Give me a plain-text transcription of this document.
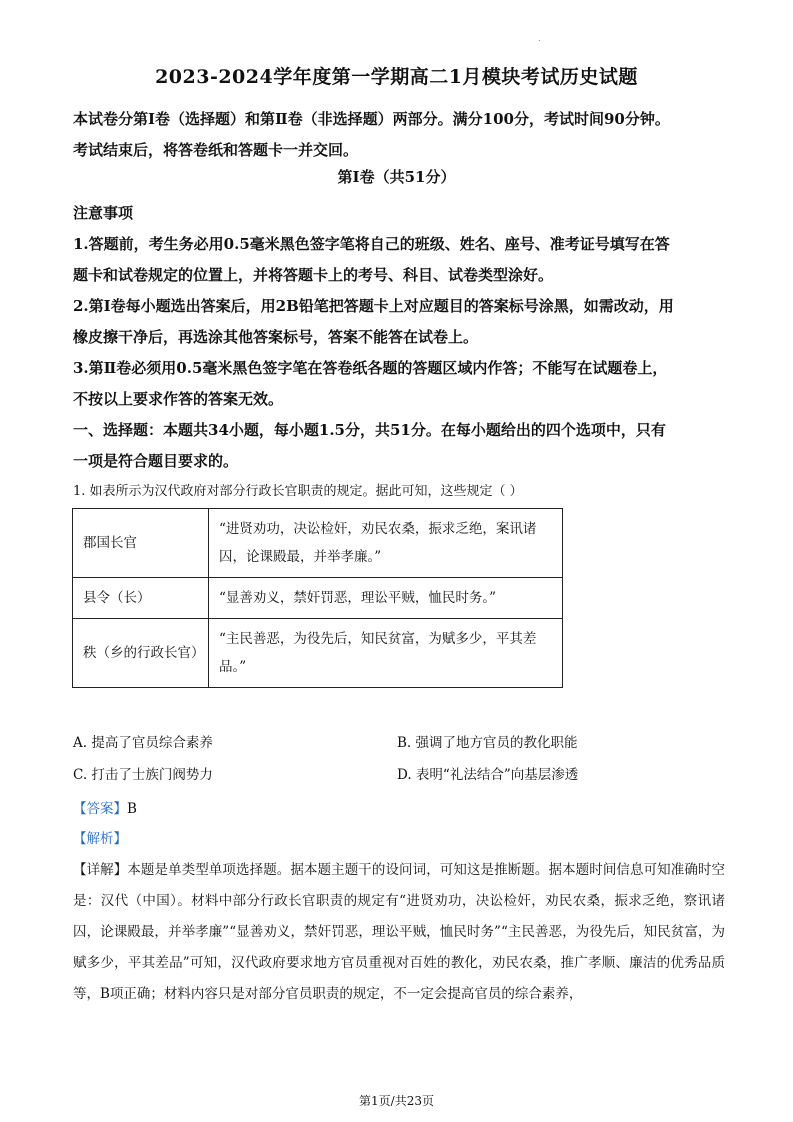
.
2023-2024学年度第一学期高二1月模块考试历史试题

本试卷分第Ⅰ卷（选择题）和第Ⅱ卷（非选择题）两部分。满分100分，考试时间90分钟。

考试结束后，将答卷纸和答题卡一并交回。

第Ⅰ卷（共51分）

注意事项

1.答题前，考生务必用0.5毫米黑色签字笔将自己的班级、姓名、座号、准考证号填写在答

题卡和试卷规定的位置上，并将答题卡上的考号、科目、试卷类型涂好。

2.第Ⅰ卷每小题选出答案后，用2B铅笔把答题卡上对应题目的答案标号涂黑，如需改动，用

橡皮擦干净后，再选涂其他答案标号，答案不能答在试卷上。

3.第Ⅱ卷必须用0.5毫米黑色签字笔在答卷纸各题的答题区域内作答；不能写在试题卷上，

不按以上要求作答的答案无效。

一、选择题：本题共34小题，每小题1.5分，共51分。在每小题给出的四个选项中，只有

一项是符合题目要求的。

1. 如表所示为汉代政府对部分行政长官职责的规定。据此可知，这些规定（ ）
郡国长官	“进贤劝功，决讼检奸，劝民农桑，振求乏绝，案讯诸囚，论课殿最，并举孝廉。”
县令（长）	“显善劝义，禁奸罚恶，理讼平贼，恤民时务。”
秩（乡的行政长官）	“主民善恶，为役先后，知民贫富，为赋多少，平其差品。”
A. 提高了官员综合素养	B. 强调了地方官员的教化职能
C. 打击了士族门阀势力	D. 表明“礼法结合”向基层渗透
【答案】B
【解析】
【详解】本题是单类型单项选择题。据本题主题干的设问词，可知这是推断题。据本题时间信息可知准确时空是：汉代（中国）。材料中部分行政长官职责的规定有“进贤劝功，决讼检奸，劝民农桑，振求乏绝，察讯诸囚，论课殿最，并举孝廉”“显善劝义，禁奸罚恶，理讼平贼，恤民时务”“主民善恶，为役先后，知民贫富，为赋多少，平其差品”可知，汉代政府要求地方官员重视对百姓的教化，劝民农桑，推广孝顺、廉洁的优秀品质等，B项正确；材料内容只是对部分官员职责的规定，不一定会提高官员的综合素养，
第1页/共23页
